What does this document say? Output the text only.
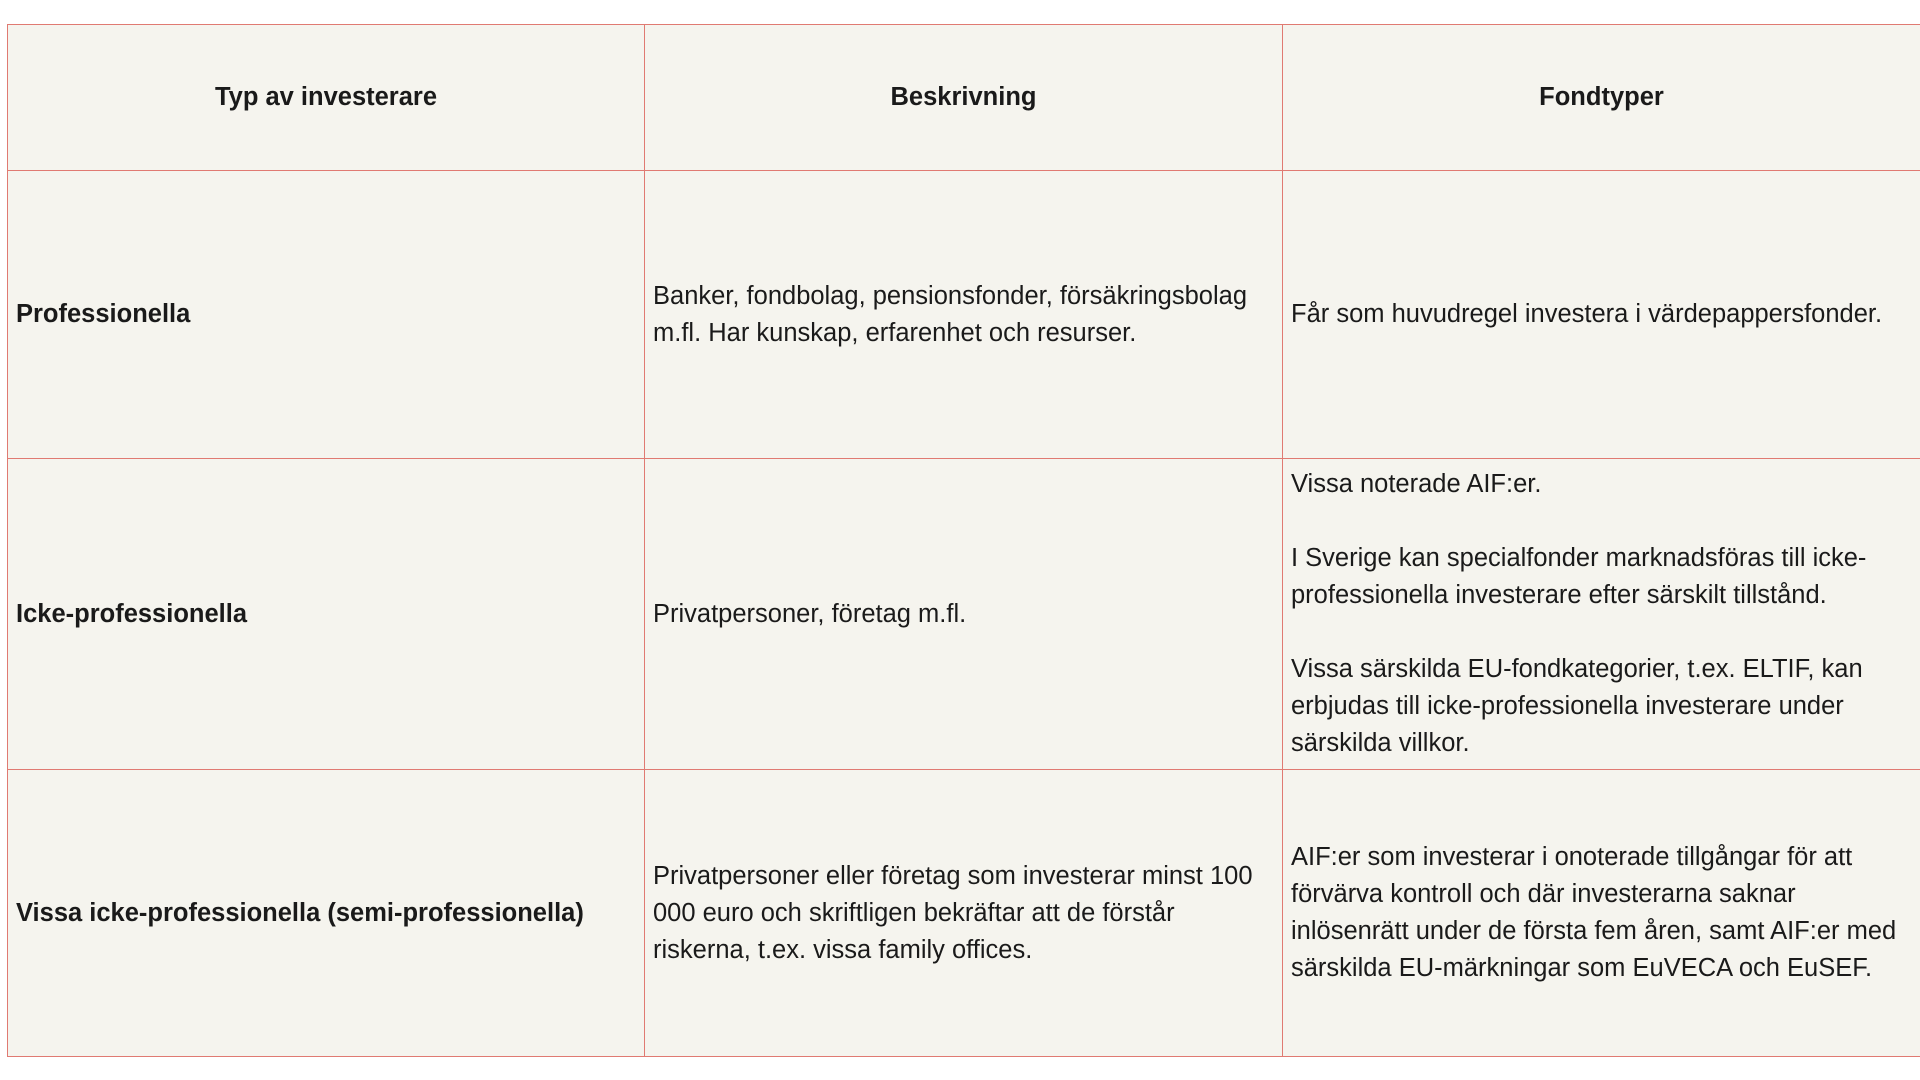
Typ av investerare	Beskrivning	Fondtyper
Professionella	Banker, fondbolag, pensionsfonder, försäkringsbolag m.fl. Har kunskap, erfarenhet och resurser.	Får som huvudregel investera i värdepappersfonder.

Icke-professionella	Privatpersoner, företag m.fl.	Vissa noterade AIF:er.
I Sverige kan specialfonder marknadsföras till icke-professionella investerare efter särskilt tillstånd.
Vissa särskilda EU-fondkategorier, t.ex. ELTIF, kan erbjudas till icke-professionella investerare under särskilda villkor.

Vissa icke-professionella (semi-professionella)	Privatpersoner eller företag som investerar minst 100 000 euro och skriftligen bekräftar att de förstår riskerna, t.ex. vissa family offices.	AIF:er som investerar i onoterade tillgångar för att förvärva kontroll och där investerarna saknar inlösenrätt under de första fem åren, samt AIF:er med särskilda EU-märkningar som EuVECA och EuSEF.
